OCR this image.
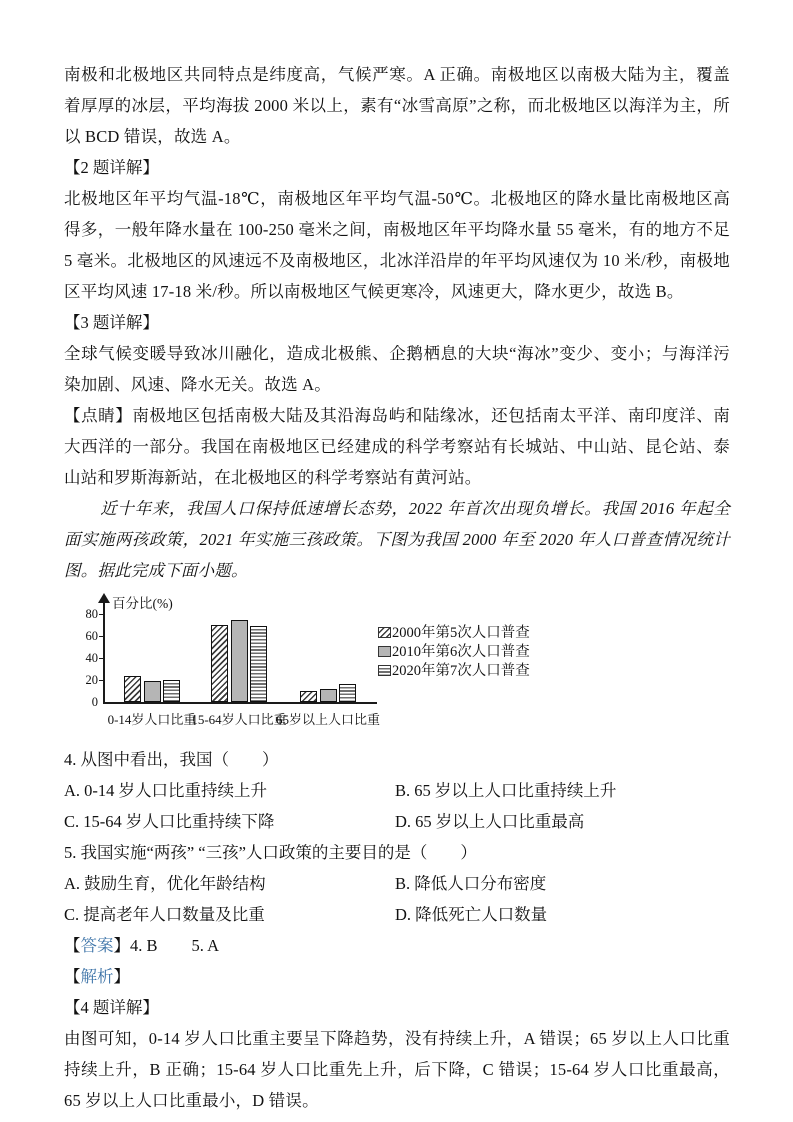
南极和北极地区共同特点是纬度高，气候严寒。A 正确。南极地区以南极大陆为主，覆盖着厚厚的冰层，平均海拔 2000 米以上，素有“冰雪高原”之称，而北极地区以海洋为主，所以 BCD 错误，故选 A。

【2 题详解】

北极地区年平均气温-18℃，南极地区年平均气温-50℃。北极地区的降水量比南极地区高得多，一般年降水量在 100-250 毫米之间，南极地区年平均降水量 55 毫米，有的地方不足 5 毫米。北极地区的风速远不及南极地区，北冰洋沿岸的年平均风速仅为 10 米/秒，南极地区平均风速 17-18 米/秒。所以南极地区气候更寒冷，风速更大，降水更少，故选 B。

【3 题详解】

全球气候变暖导致冰川融化，造成北极熊、企鹅栖息的大块“海冰”变少、变小；与海洋污染加剧、风速、降水无关。故选 A。

【点睛】南极地区包括南极大陆及其沿海岛屿和陆缘冰，还包括南太平洋、南印度洋、南大西洋的一部分。我国在南极地区已经建成的科学考察站有长城站、中山站、昆仑站、泰山站和罗斯海新站，在北极地区的科学考察站有黄河站。

近十年来，我国人口保持低速增长态势，2022 年首次出现负增长。我国 2016 年起全面实施两孩政策，2021 年实施三孩政策。下图为我国 2000 年至 2020 年人口普查情况统计图。据此完成下面小题。

百分比(%)
0
20
40
60
80
0-14岁人口比重
15-64岁人口比重
65岁以上人口比重
2000年第5次人口普查
2010年第6次人口普查
2020年第7次人口普查
4. 从图中看出，我国（　　）
A. 0-14 岁人口比重持续上升	B. 65 岁以上人口比重持续上升
C. 15-64 岁人口比重持续下降	D. 65 岁以上人口比重最高
5. 我国实施“两孩” “三孩”人口政策的主要目的是（　　）
A. 鼓励生育，优化年龄结构	B. 降低人口分布密度
C. 提高老年人口数量及比重	D. 降低死亡人口数量
【答案】4. B 5. A
【解析】
【4 题详解】

由图可知，0-14 岁人口比重主要呈下降趋势，没有持续上升，A 错误；65 岁以上人口比重持续上升，B 正确；15-64 岁人口比重先上升，后下降，C 错误；15-64 岁人口比重最高，65 岁以上人口比重最小，D 错误。
